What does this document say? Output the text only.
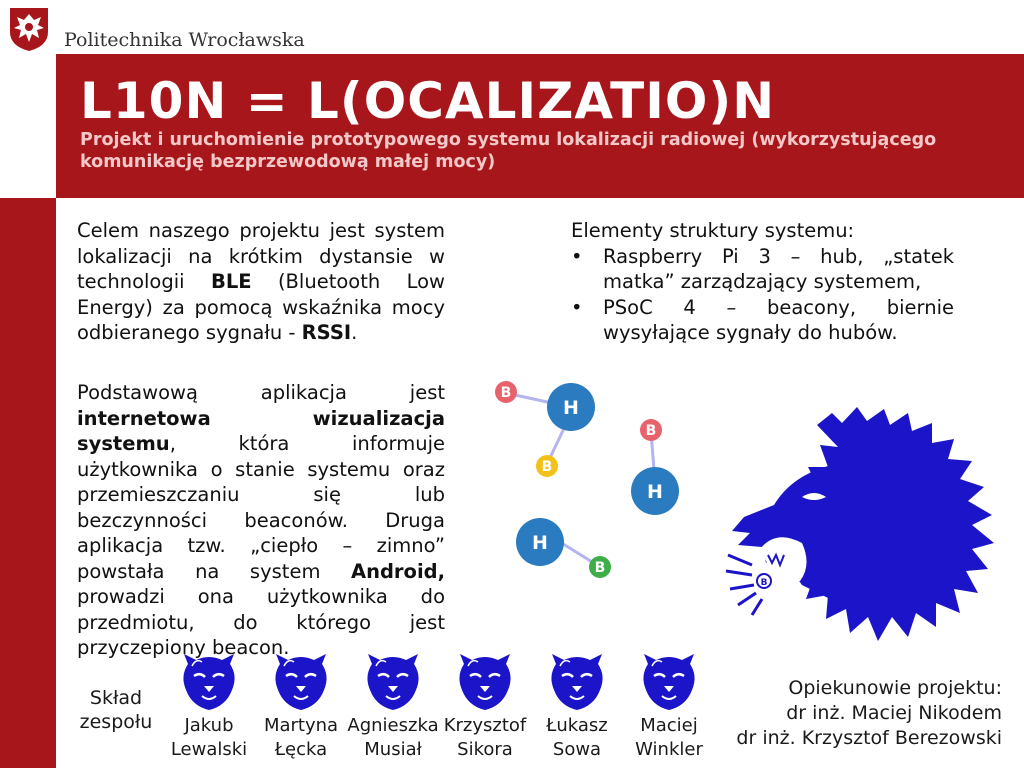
Politechnika Wrocławska
L10N = L(OCALIZATIO)N
Projekt i uruchomienie prototypowego systemu lokalizacji radiowej (wykorzystującego komunikację bezprzewodową małej mocy)
Celem naszego projektu jest system lokalizacji na krótkim dystansie w technologii BLE (Bluetooth Low Energy) za pomocą wskaźnika mocy odbieranego sygnału - RSSI.
Podstawową aplikacja jest internetowa wizualizacja systemu, która informuje użytkownika o stanie systemu oraz przemieszczaniu się lub bezczynności beaconów. Druga aplikacja tzw. „ciepło – zimno” powstała na system Android, prowadzi ona użytkownika do przedmiotu, do którego jest przyczepiony beacon.
Elementy struktury systemu:
• Raspberry Pi 3 – hub, „statek matka” zarządzający systemem,
• PSoC 4 – beacony, biernie wysyłające sygnały do hubów.
B
H
B
B
H
H
B
B
Skład zespołu	Jakub
Lewalski
Martyna
Łęcka
Agnieszka
Musiał
Krzysztof
Sikora
Łukasz
Sowa
Maciej
Winkler
Opiekunowie projektu:
dr inż. Maciej Nikodem
dr inż. Krzysztof Berezowski
